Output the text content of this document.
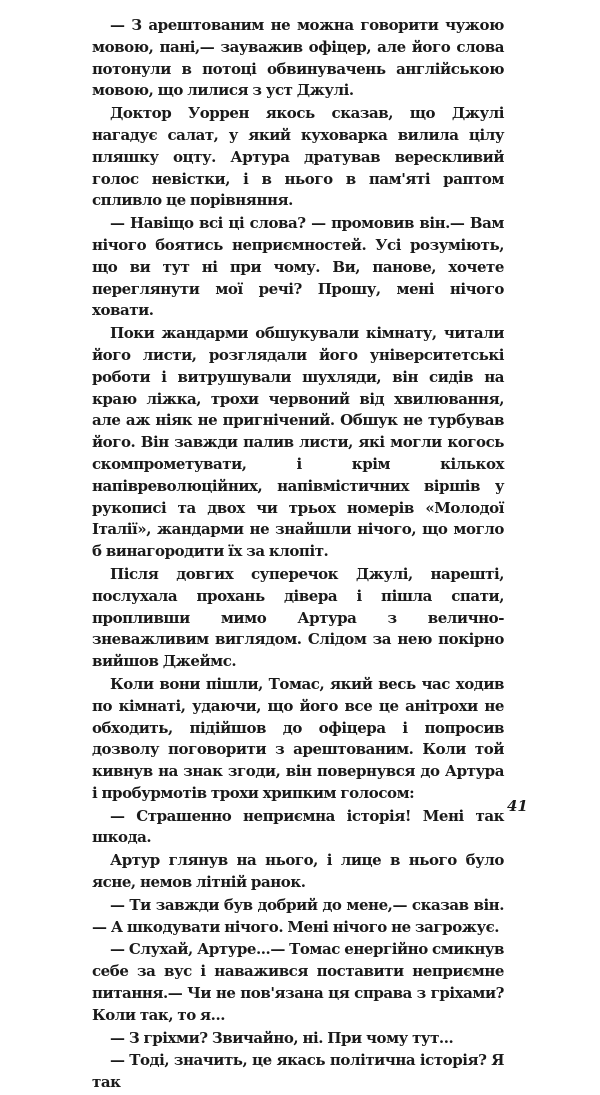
— З арештованим не можна говорити чужою мовою, пані,— зауважив офіцер, але його слова потонули в потоці обвинувачень англійською мовою, що лилися з уст Джулі.

Доктор Уоррен якось сказав, що Джулі нагадує салат, у який куховарка вилила цілу пляшку оцту. Артура дратував верескливий голос невістки, і в нього в пам'яті раптом спливло це порівняння.

— Навіщо всі ці слова? — промовив він.— Вам нічого боятись неприємностей. Усі розуміють, що ви тут ні при чому. Ви, панове, хочете переглянути мої речі? Прошу, мені нічого ховати.

Поки жандарми обшукували кімнату, читали його листи, розглядали його університетські роботи і витрушували шухляди, він сидів на краю ліжка, трохи червоний від хвилювання, але аж ніяк не пригнічений. Обшук не турбував його. Він завжди палив листи, які могли когось скомпрометувати, і крім кількох напівреволюційних, напівмістичних віршів у рукописі та двох чи трьох номерів «Молодої Італії», жандарми не знайшли нічого, що могло б винагородити їх за клопіт.

Після довгих суперечок Джулі, нарешті, послухала прохань дівера і пішла спати, пропливши мимо Артура з велично-зневажливим виглядом. Слідом за нею покірно вийшов Джеймс.

Коли вони пішли, Томас, який весь час ходив по кімнаті, удаючи, що його все це анітрохи не обходить, підійшов до офіцера і попросив дозволу поговорити з арештованим. Коли той кивнув на знак згоди, він повернувся до Артура і пробурмотів трохи хрипким голосом:

— Страшенно неприємна історія! Мені так шкода.

Артур глянув на нього, і лице в нього було ясне, немов літній ранок.

— Ти завжди був добрий до мене,— сказав він.— А шкодувати нічого. Мені нічого не загрожує.

— Слухай, Артуре...— Томас енергійно смикнув себе за вус і наважився поставити неприємне питання.— Чи не пов'язана ця справа з гріхами? Коли так, то я...

— З гріхми? Звичайно, ні. При чому тут...

— Тоді, значить, це якась політична історія? Я так

41
